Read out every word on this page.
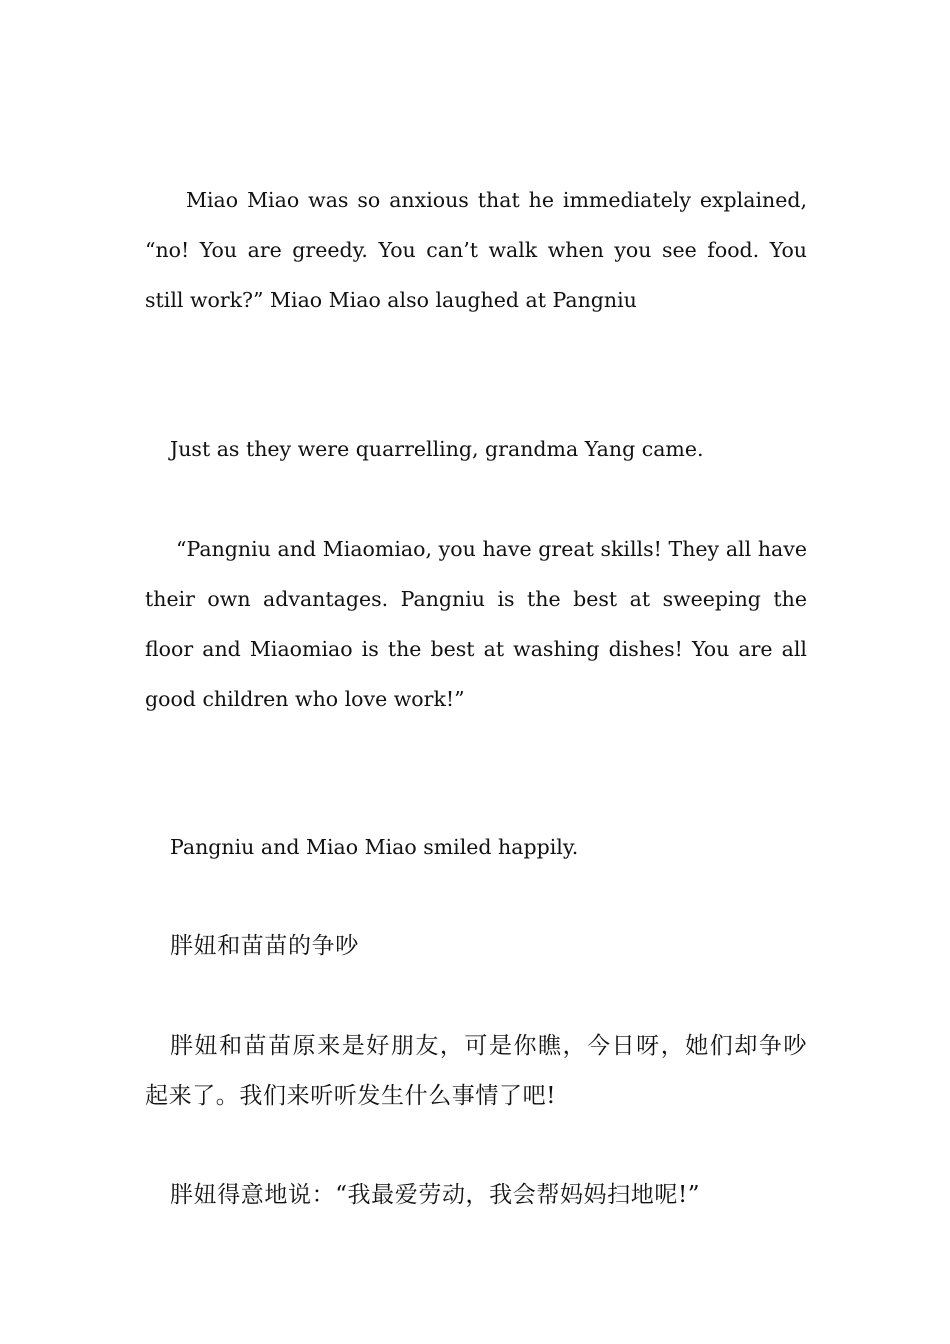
Miao Miao was so anxious that he immediately explained, “no! You are greedy. You can’t walk when you see food. You still work?” Miao Miao also laughed at Pangniu

Just as they were quarrelling, grandma Yang came.

“Pangniu and Miaomiao, you have great skills! They all have their own advantages. Pangniu is the best at sweeping the floor and Miaomiao is the best at washing dishes! You are all good children who love work!”

Pangniu and Miao Miao smiled happily.

胖妞和苗苗的争吵

胖妞和苗苗原来是好朋友，可是你瞧，今日呀，她们却争吵起来了。我们来听听发生什么事情了吧!

胖妞得意地说：“我最爱劳动，我会帮妈妈扫地呢!”
